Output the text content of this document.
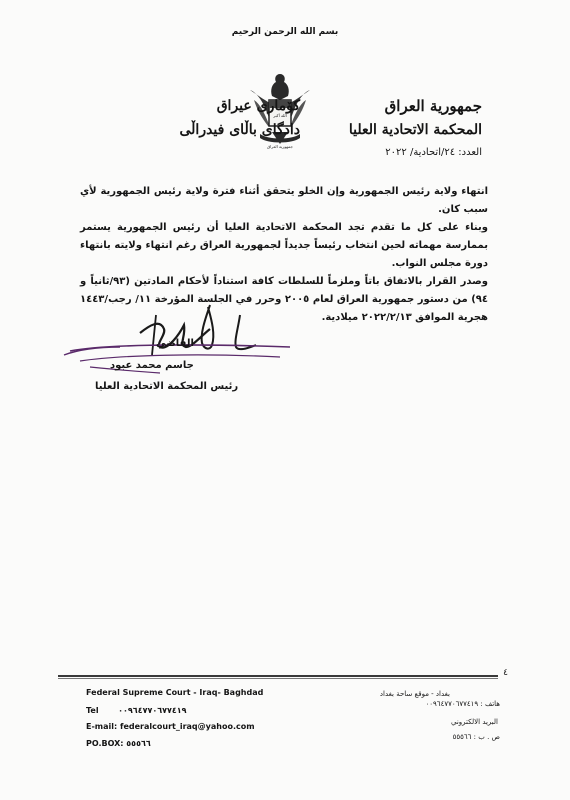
بسم الله الرحمن الرحيم
جمهورية العراق
المحكمة الاتحادية العليا
الله أكبر
جمهورية العراق
كۆماری عیراق
دادگای باڵای فیدراڵی
العدد: ٢٤/اتحادية/ ٢٠٢٢

انتهاء ولاية رئيس الجمهورية وإن الخلو يتحقق أثناء فترة ولاية رئيس الجمهورية لأي سبب كان.

وبناء على كل ما تقدم تجد المحكمة الاتحادية العليا أن رئيس الجمهورية يستمر بممارسة مهماته لحين انتخاب رئيساً جديداً لجمهورية العراق رغم انتهاء ولايته بانتهاء دورة مجلس النواب.

وصدر القرار بالاتفاق باتاً وملزماً للسلطات كافة استناداً لأحكام المادتين (٩٣/ثانياً و ٩٤) من دستور جمهورية العراق لعام ٢٠٠٥ وحرر في الجلسة المؤرخة ١١/ رجب/١٤٤٣ هجرية الموافق ٢٠٢٢/٢/١٣ ميلادية.

القاضي
جاسم محمد عبود
رئيس المحكمة الاتحادية العليا
٤
Federal Supreme Court - Iraq- Baghdad
Tel ٠٠٩٦٤٧٧٠٦٧٧٤١٩
E-mail: federalcourt_iraq@yahoo.com
PO.BOX: ٥٥٥٦٦
بغداد - موقع ساحة بغداد
هاتف : ٠٠٩٦٤٧٧٠٦٧٧٤١٩
البريد الالكتروني
ص . ب : ٥٥٥٦٦
